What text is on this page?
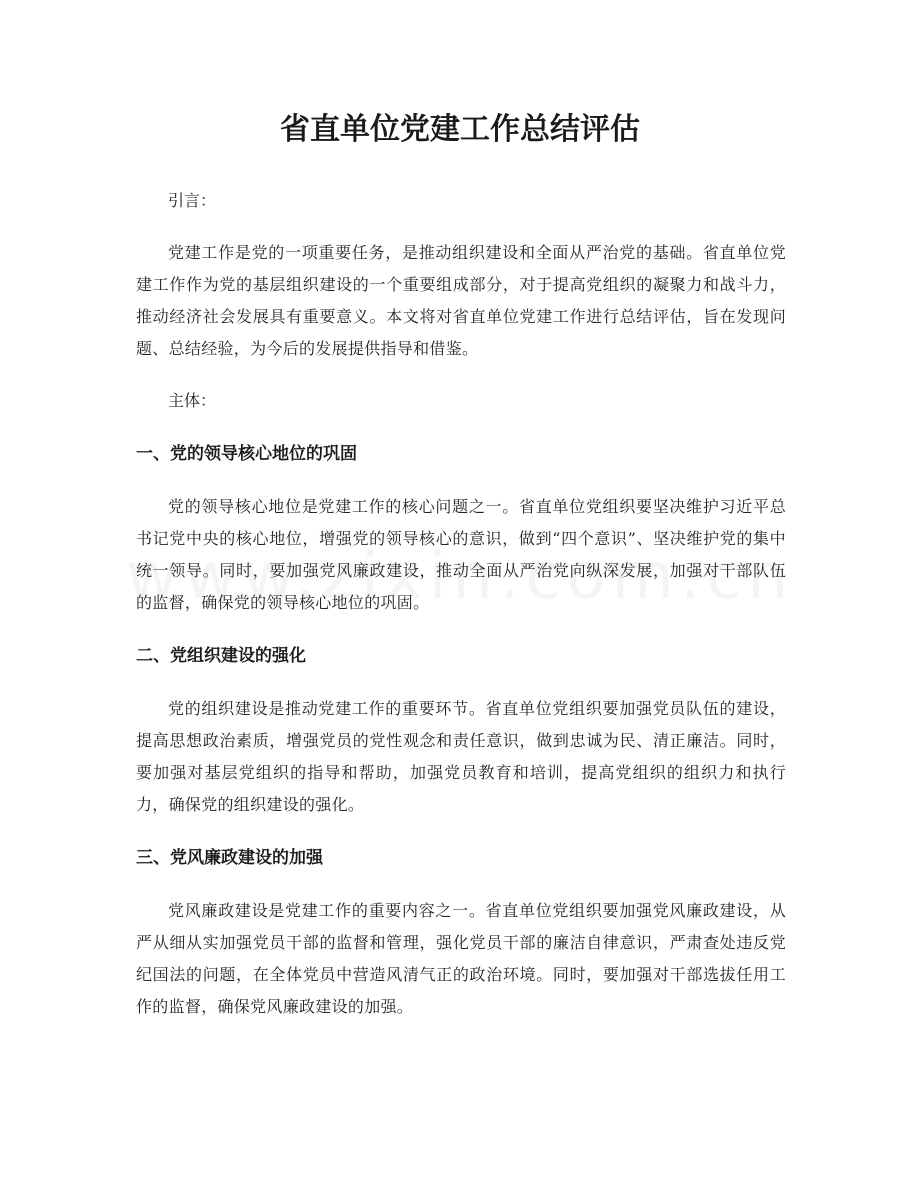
省直单位党建工作总结评估

引言：

党建工作是党的一项重要任务，是推动组织建设和全面从严治党的基础。省直单位党建工作作为党的基层组织建设的一个重要组成部分，对于提高党组织的凝聚力和战斗力，推动经济社会发展具有重要意义。本文将对省直单位党建工作进行总结评估，旨在发现问题、总结经验，为今后的发展提供指导和借鉴。

主体：

一、党的领导核心地位的巩固

党的领导核心地位是党建工作的核心问题之一。省直单位党组织要坚决维护习近平总书记党中央的核心地位，增强党的领导核心的意识，做到“四个意识”、坚决维护党的集中统一领导。同时，要加强党风廉政建设，推动全面从严治党向纵深发展，加强对干部队伍的监督，确保党的领导核心地位的巩固。

二、党组织建设的强化

党的组织建设是推动党建工作的重要环节。省直单位党组织要加强党员队伍的建设，提高思想政治素质，增强党员的党性观念和责任意识，做到忠诚为民、清正廉洁。同时，要加强对基层党组织的指导和帮助，加强党员教育和培训，提高党组织的组织力和执行力，确保党的组织建设的强化。

三、党风廉政建设的加强

党风廉政建设是党建工作的重要内容之一。省直单位党组织要加强党风廉政建设，从严从细从实加强党员干部的监督和管理，强化党员干部的廉洁自律意识，严肃查处违反党纪国法的问题，在全体党员中营造风清气正的政治环境。同时，要加强对干部选拔任用工作的监督，确保党风廉政建设的加强。
